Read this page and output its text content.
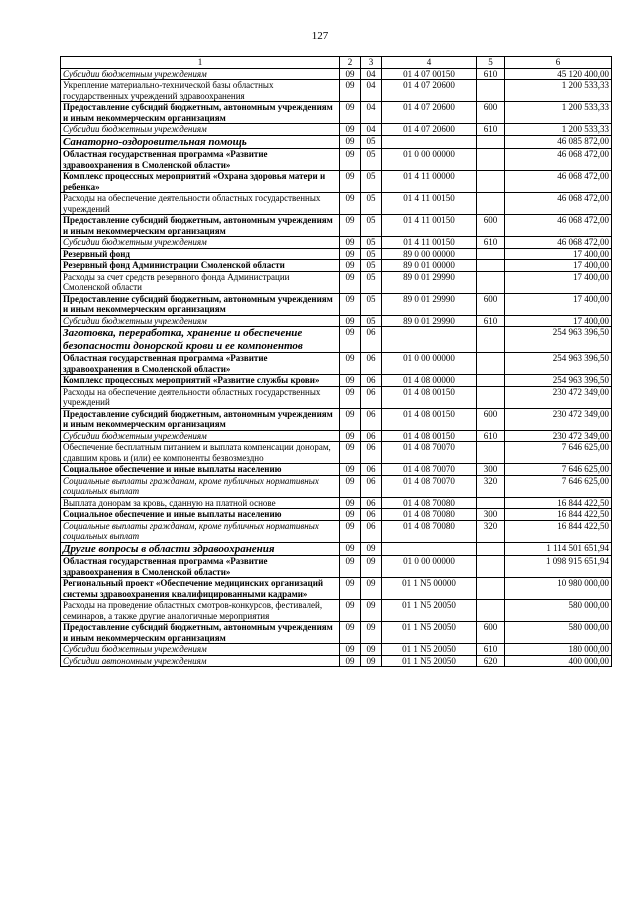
127
1	2	3	4	5	6
Субсидии бюджетным учреждениям	09	04	01 4 07 00150	610	45 120 400,00
Укрепление материально-технической базы областных государственных учреждений здравоохранения	09	04	01 4 07 20600		1 200 533,33
Предоставление субсидий бюджетным, автономным учреждениям и иным некоммерческим организациям	09	04	01 4 07 20600	600	1 200 533,33
Субсидии бюджетным учреждениям	09	04	01 4 07 20600	610	1 200 533,33
Санаторно-оздоровительная помощь	09	05			46 085 872,00
Областная государственная программа «Развитие здравоохранения в Смоленской области»	09	05	01 0 00 00000		46 068 472,00
Комплекс процессных мероприятий «Охрана здоровья матери и ребенка»	09	05	01 4 11 00000		46 068 472,00
Расходы на обеспечение деятельности областных государственных учреждений	09	05	01 4 11 00150		46 068 472,00
Предоставление субсидий бюджетным, автономным учреждениям и иным некоммерческим организациям	09	05	01 4 11 00150	600	46 068 472,00
Субсидии бюджетным учреждениям	09	05	01 4 11 00150	610	46 068 472,00
Резервный фонд	09	05	89 0 00 00000		17 400,00
Резервный фонд Администрации Смоленской области	09	05	89 0 01 00000		17 400,00
Расходы за счет средств резервного фонда Администрации Смоленской области	09	05	89 0 01 29990		17 400,00
Предоставление субсидий бюджетным, автономным учреждениям и иным некоммерческим организациям	09	05	89 0 01 29990	600	17 400,00
Субсидии бюджетным учреждениям	09	05	89 0 01 29990	610	17 400,00
Заготовка, переработка, хранение и обеспечение безопасности донорской крови и ее компонентов	09	06			254 963 396,50
Областная государственная программа «Развитие здравоохранения в Смоленской области»	09	06	01 0 00 00000		254 963 396,50
Комплекс процессных мероприятий «Развитие службы крови»	09	06	01 4 08 00000		254 963 396,50
Расходы на обеспечение деятельности областных государственных учреждений	09	06	01 4 08 00150		230 472 349,00
Предоставление субсидий бюджетным, автономным учреждениям и иным некоммерческим организациям	09	06	01 4 08 00150	600	230 472 349,00
Субсидии бюджетным учреждениям	09	06	01 4 08 00150	610	230 472 349,00
Обеспечение бесплатным питанием и выплата компенсации донорам, сдавшим кровь и (или) ее компоненты безвозмездно	09	06	01 4 08 70070		7 646 625,00
Социальное обеспечение и иные выплаты населению	09	06	01 4 08 70070	300	7 646 625,00
Социальные выплаты гражданам, кроме публичных нормативных социальных выплат	09	06	01 4 08 70070	320	7 646 625,00
Выплата донорам за кровь, сданную на платной основе	09	06	01 4 08 70080		16 844 422,50
Социальное обеспечение и иные выплаты населению	09	06	01 4 08 70080	300	16 844 422,50
Социальные выплаты гражданам, кроме публичных нормативных социальных выплат	09	06	01 4 08 70080	320	16 844 422,50
Другие вопросы в области здравоохранения	09	09			1 114 501 651,94
Областная государственная программа «Развитие здравоохранения в Смоленской области»	09	09	01 0 00 00000		1 098 915 651,94
Региональный проект «Обеспечение медицинских организаций системы здравоохранения квалифицированными кадрами»	09	09	01 1 N5 00000		10 980 000,00
Расходы на проведение областных смотров-конкурсов, фестивалей, семинаров, а также другие аналогичные мероприятия	09	09	01 1 N5 20050		580 000,00
Предоставление субсидий бюджетным, автономным учреждениям и иным некоммерческим организациям	09	09	01 1 N5 20050	600	580 000,00
Субсидии бюджетным учреждениям	09	09	01 1 N5 20050	610	180 000,00
Субсидии автономным учреждениям	09	09	01 1 N5 20050	620	400 000,00
